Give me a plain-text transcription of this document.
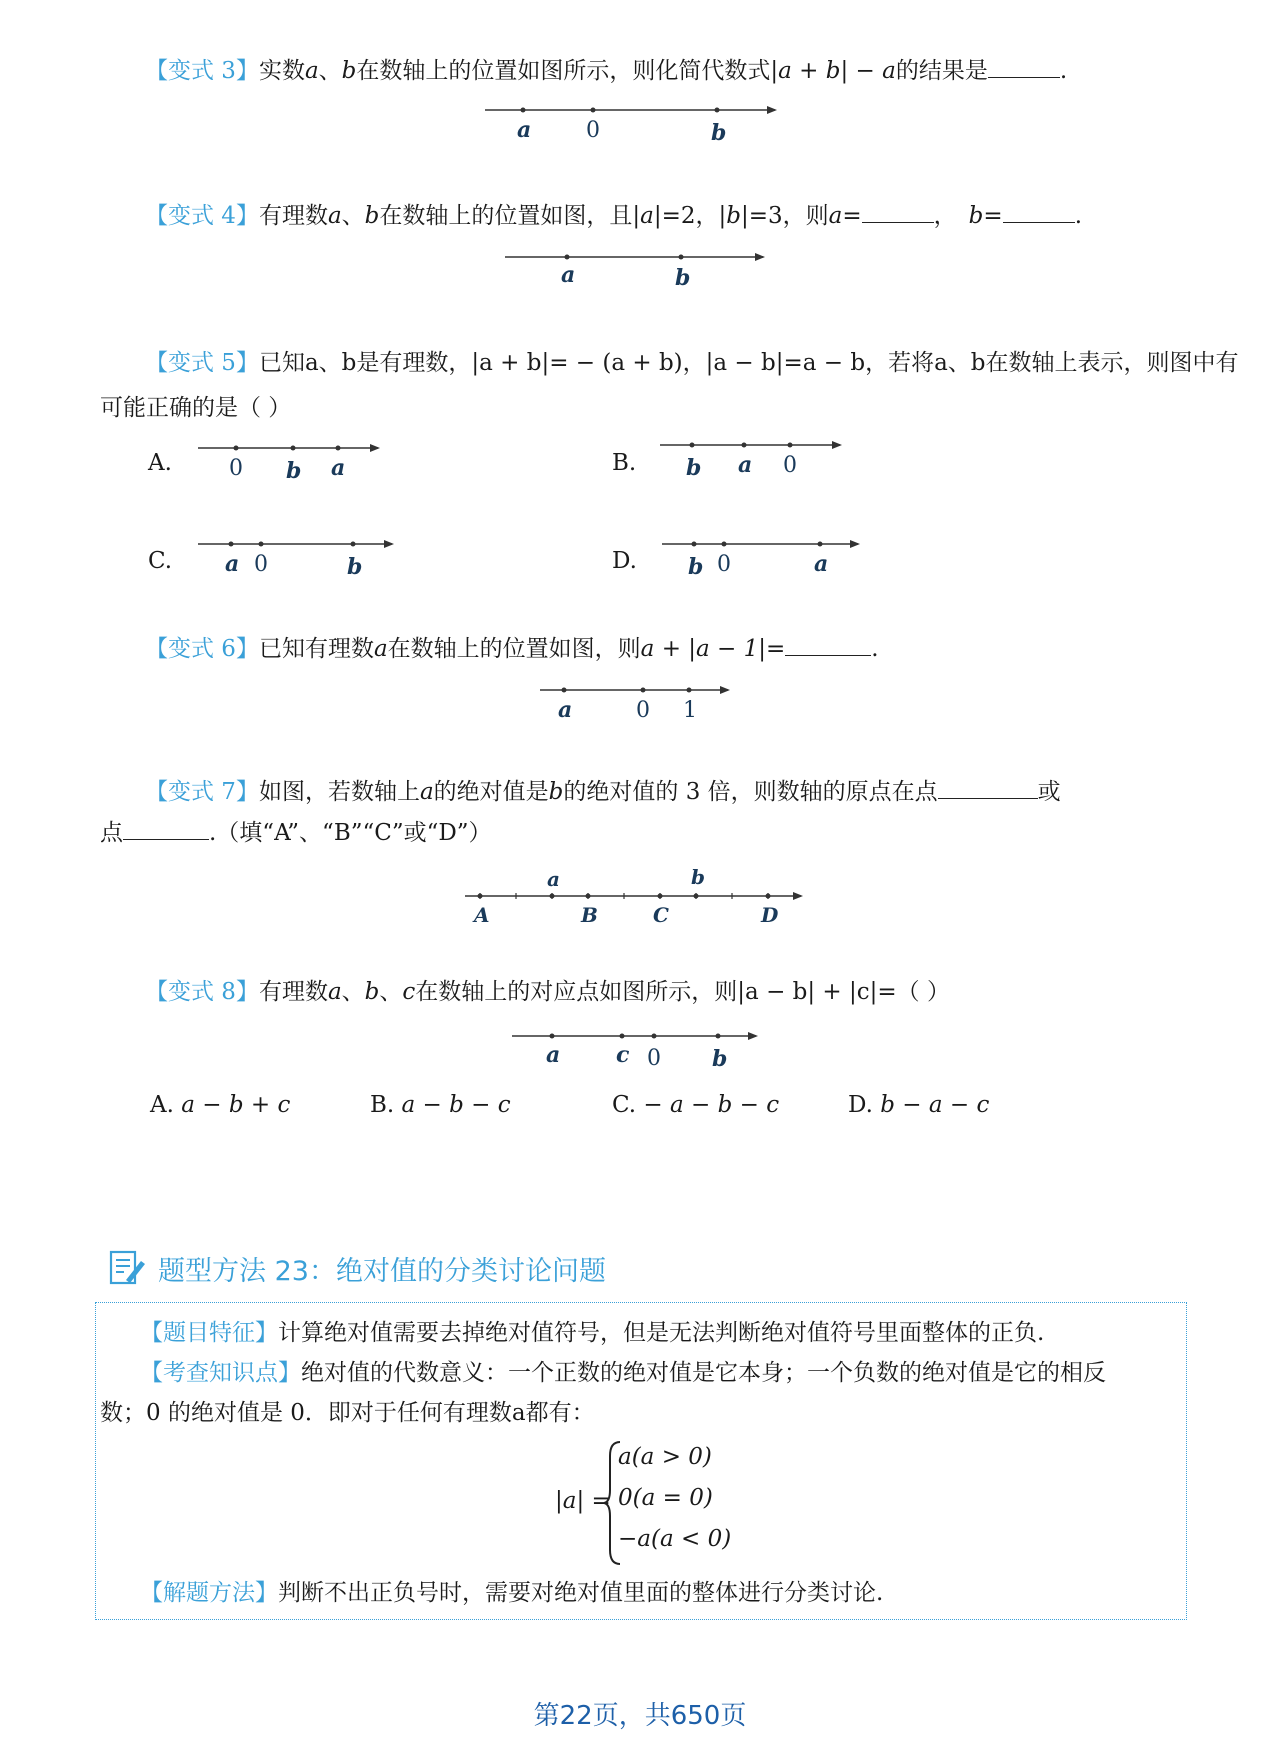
【变式 3】实数a、b在数轴上的位置如图所示，则化简代数式|a + b| − a的结果是	.
a 0	b
【变式 4】有理数a、b在数轴上的位置如图，且|a|=2，|b|=3，则a=	， b=	.
a	b
【变式 5】已知a、b是有理数，|a + b|= − (a + b)，|a − b|=a − b，若将a、b在数轴上表示，则图中有
可能正确的是（ ）
A.	0 b a	B. b a 0
C. a 0	b	D. b 0	a
【变式 6】已知有理数a在数轴上的位置如图，则a + |a − 1|=	.
a	0 1
【变式 7】如图，若数轴上a的绝对值是b的绝对值的 3 倍，则数轴的原点在点	或
点	.（填“A”、“B”“C”或“D”）
a	b
A	B	C	D
【变式 8】有理数a、b、c在数轴上的对应点如图所示，则|a − b| + |c|=（ ）
a	c 0 b
A. a − b + c	B. a − b − c	C. − a − b − c	D. b − a − c
题型方法 23：绝对值的分类讨论问题
【题目特征】计算绝对值需要去掉绝对值符号，但是无法判断绝对值符号里面整体的正负.
【考查知识点】绝对值的代数意义：一个正数的绝对值是它本身；一个负数的绝对值是它的相反
数；0 的绝对值是 0．即对于任何有理数a都有：
|a| =
a(a > 0)
0(a = 0)
−a(a < 0)
【解题方法】判断不出正负号时，需要对绝对值里面的整体进行分类讨论.
第22页，共650页
